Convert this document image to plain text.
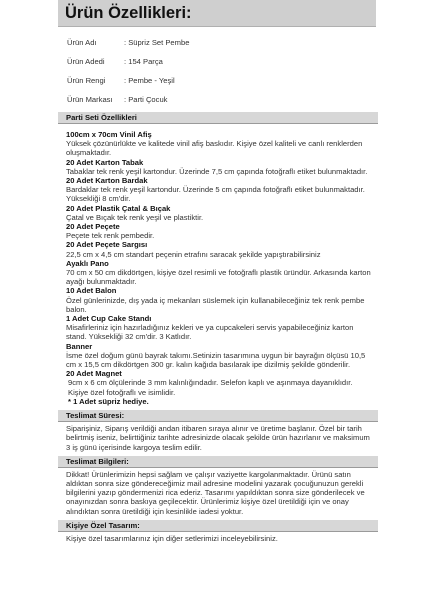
Ürün Özellikleri:
Ürün Adı	: Süpriz Set Pembe
Ürün Adedi	: 154 Parça
Ürün Rengi : Pembe - Yeşil
Ürün Markası : Parti Çocuk
Parti Seti Özellikleri

100cm x 70cm Vinil Afiş

Yüksek çözünürlükte ve kalitede vinil afiş baskıdır. Kişiye özel kaliteli ve canlı renklerden oluşmaktadır.

20 Adet Karton Tabak

Tabaklar tek renk yeşil kartondur. Üzerinde 7,5 cm çapında fotoğraflı etiket bulunmaktadır.

20 Adet Karton Bardak

Bardaklar tek renk yeşil kartondur. Üzerinde 5 cm çapında fotoğraflı etiket bulunmaktadır. Yüksekliği 8 cm'dir.

20 Adet Plastik Çatal & Bıçak

Çatal ve Bıçak tek renk yeşil ve plastiktir.

20 Adet Peçete

Peçete tek renk pembedir.

20 Adet Peçete Sargısı

22,5 cm x 4,5 cm standart peçenin etrafını saracak şekilde yapıştırabilirsiniz

Ayaklı Pano

70 cm x 50 cm dikdörtgen, kişiye özel resimli ve fotoğraflı plastik üründür. Arkasında karton ayağı bulunmaktadır.

10 Adet Balon

Özel günlerinizde, dış yada iç mekanları süslemek için kullanabileceğiniz tek renk pembe balon.

1 Adet Cup Cake Standı

Misafirleriniz için hazırladığınız kekleri ve ya cupcakeleri servis yapabileceğiniz karton stand. Yüksekliği 32 cm'dir. 3 Katlıdır.

Banner

İsme özel doğum günü bayrak takımı.Setinizin tasarımına uygun bir bayrağın ölçüsü 10,5 cm x 15,5 cm dikdörtgen 300 gr. kalın kağıda basılarak ipe dizilmiş şekilde gönderilir.

20 Adet Magnet

9cm x 6 cm ölçülerinde 3 mm kalınlığındadır. Selefon kaplı ve aşınmaya dayanıklıdır. Kişiye özel fotoğraflı ve isimlidir.

* 1 Adet süpriz hediye.

Teslimat Süresi:

Siparişiniz, Siparış verildiği andan itibaren sıraya alınır ve üretime başlanır. Özel bir tarih belirtmiş iseniz, belirttiğiniz tarihte adresinizde olacak şekilde ürün hazırlanır ve maksimum 3 iş günü içerisinde kargoya teslim edilir.

Teslimat Bilgileri:

Dikkat! Ürünlerimizin hepsi sağlam ve çalışır vaziyette kargolanmaktadır. Ürünü satın aldıktan sonra size göndereceğimiz mail adresine modelini yazarak çocuğunuzun gerekli bilgilerini yazıp göndermenizi rica ederiz. Tasarımı yapıldıktan sonra size gönderilecek ve onayınızdan sonra baskıya geçilecektir. Ürünlerimiz kişiye özel üretildiği için ve onay alındıktan sonra üretildiği için kesinlikle iadesi yoktur.

Kişiye Özel Tasarım:

Kişiye özel tasarımlarınız için diğer setlerimizi inceleyebilirsiniz.
